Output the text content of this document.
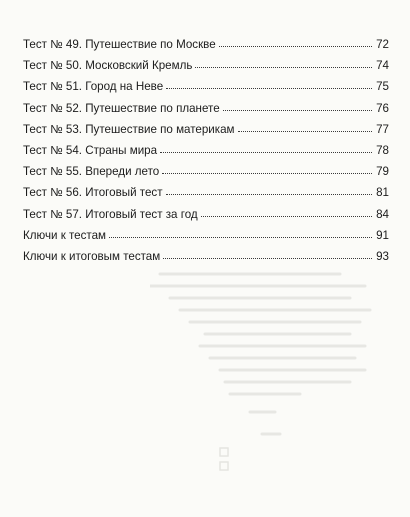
Тест № 49. Путешествие по Москве	72
Тест № 50. Московский Кремль	74
Тест № 51. Город на Неве	75
Тест № 52. Путешествие по планете	76
Тест № 53. Путешествие по материкам	77
Тест № 54. Страны мира	78
Тест № 55. Впереди лето	79
Тест № 56. Итоговый тест	81
Тест № 57. Итоговый тест за год	84
Ключи к тестам	91
Ключи к итоговым тестам	93
